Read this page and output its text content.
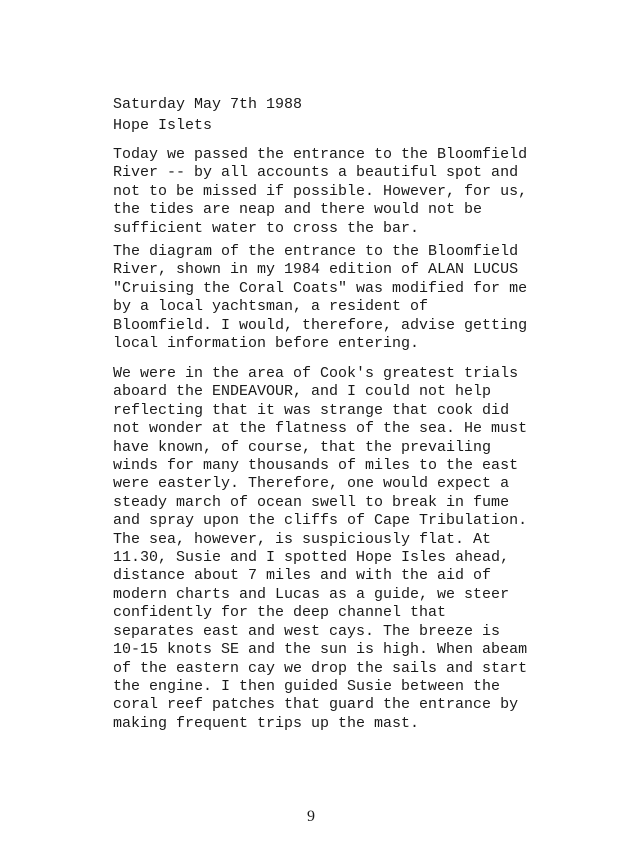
Saturday May 7th 1988
Hope Islets
Today we passed the entrance to the Bloomfield
River -- by all accounts a beautiful spot and
not to be missed if possible. However, for us,
the tides are neap and there would not be
sufficient water to cross the bar.
The diagram of the entrance to the Bloomfield
River, shown in my 1984 edition of ALAN LUCUS
"Cruising the Coral Coats" was modified for me
by a local yachtsman, a resident of
Bloomfield. I would, therefore, advise getting
local information before entering.
We were in the area of Cook's greatest trials
aboard the ENDEAVOUR, and I could not help
reflecting that it was strange that cook did
not wonder at the flatness of the sea. He must
have known, of course, that the prevailing
winds for many thousands of miles to the east
were easterly. Therefore, one would expect a
steady march of ocean swell to break in fume
and spray upon the cliffs of Cape Tribulation.
The sea, however, is suspiciously flat. At
11.30, Susie and I spotted Hope Isles ahead,
distance about 7 miles and with the aid of
modern charts and Lucas as a guide, we steer
confidently for the deep channel that
separates east and west cays. The breeze is
10-15 knots SE and the sun is high. When abeam
of the eastern cay we drop the sails and start
the engine. I then guided Susie between the
coral reef patches that guard the entrance by
making frequent trips up the mast.
9
